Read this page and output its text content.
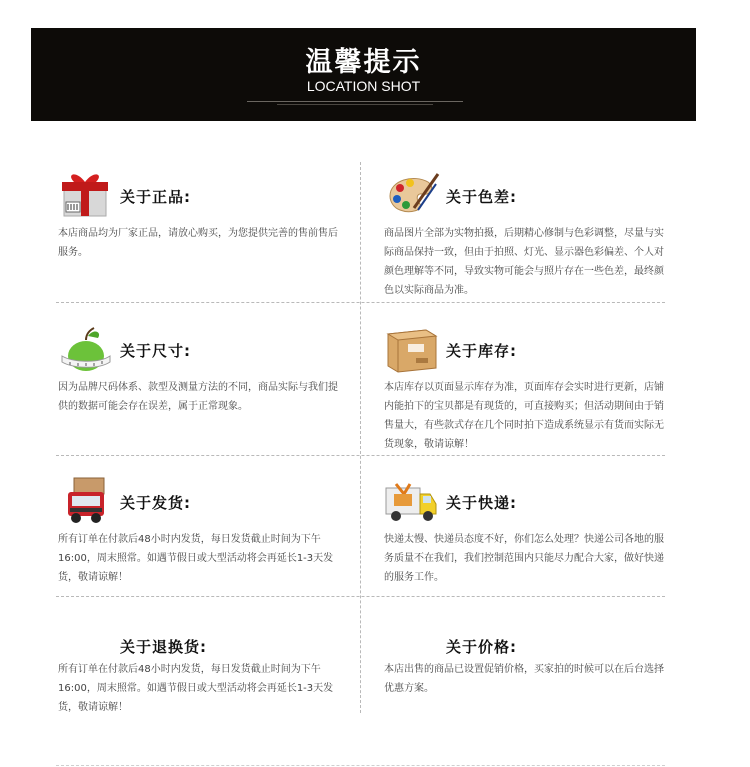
温馨提示
LOCATION SHOT
关于正品:
本店商品均为厂家正品，请放心购买，为您提供完善的售前售后服务。
关于色差:
商品图片全部为实物拍摄，后期精心修制与色彩调整，尽量与实际商品保持一致，但由于拍照、灯光、显示器色彩偏差、个人对颜色理解等不同，导致实物可能会与照片存在一些色差，最终颜色以实际商品为准。
关于尺寸:
因为品牌尺码体系、款型及测量方法的不同，商品实际与我们提供的数据可能会存在误差，属于正常现象。
关于库存:
本店库存以页面显示库存为准，页面库存会实时进行更新，店铺内能拍下的宝贝都是有现货的，可直接购买；但活动期间由于销售量大，有些款式存在几个同时拍下造成系统显示有货而实际无货现象，敬请谅解！
关于发货:
所有订单在付款后48小时内发货，每日发货截止时间为下午16:00，周末照常。如遇节假日或大型活动将会再延长1-3天发货，敬请谅解！
关于快递:
快递太慢、快递员态度不好，你们怎么处理？快递公司各地的服务质量不在我们，我们控制范围内只能尽力配合大家，做好快递的服务工作。
关于退换货:
所有订单在付款后48小时内发货，每日发货截止时间为下午16:00，周末照常。如遇节假日或大型活动将会再延长1-3天发货，敬请谅解！
关于价格:
本店出售的商品已设置促销价格，买家拍的时候可以在后台选择优惠方案。
